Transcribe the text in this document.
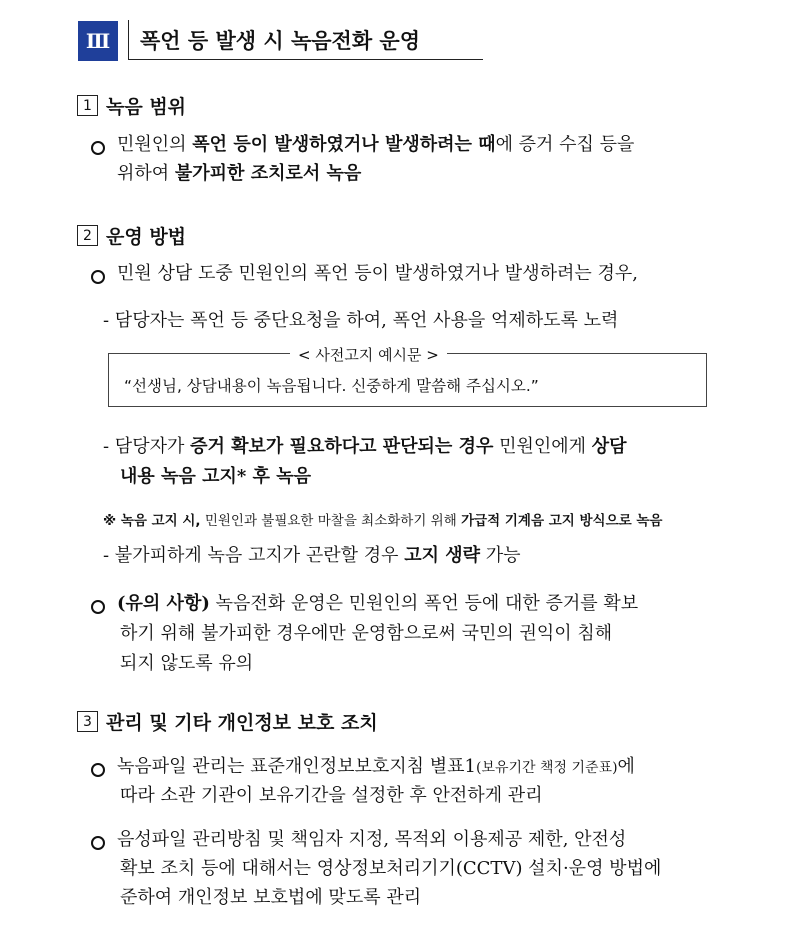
Ⅲ	폭언 등 발생 시 녹음전화 운영
1 녹음 범위
민원인의 폭언 등이 발생하였거나 발생하려는 때에 증거 수집 등을
위하여 불가피한 조치로서 녹음
2 운영 방법
민원 상담 도중 민원인의 폭언 등이 발생하였거나 발생하려는 경우,
- 담당자는 폭언 등 중단요청을 하여, 폭언 사용을 억제하도록 노력
< 사전고지 예시문 >
“선생님, 상담내용이 녹음됩니다. 신중하게 말씀해 주십시오.”
- 담당자가 증거 확보가 필요하다고 판단되는 경우 민원인에게 상담
내용 녹음 고지* 후 녹음
※ 녹음 고지 시, 민원인과 불필요한 마찰을 최소화하기 위해 가급적 기계음 고지 방식으로 녹음
- 불가피하게 녹음 고지가 곤란할 경우 고지 생략 가능
(유의 사항) 녹음전화 운영은 민원인의 폭언 등에 대한 증거를 확보
하기 위해 불가피한 경우에만 운영함으로써 국민의 권익이 침해
되지 않도록 유의
3 관리 및 기타 개인정보 보호 조치
녹음파일 관리는 표준개인정보보호지침 별표1(보유기간 책정 기준표)에
따라 소관 기관이 보유기간을 설정한 후 안전하게 관리
음성파일 관리방침 및 책임자 지정, 목적외 이용제공 제한, 안전성
확보 조치 등에 대해서는 영상정보처리기기(CCTV) 설치·운영 방법에
준하여 개인정보 보호법에 맞도록 관리
